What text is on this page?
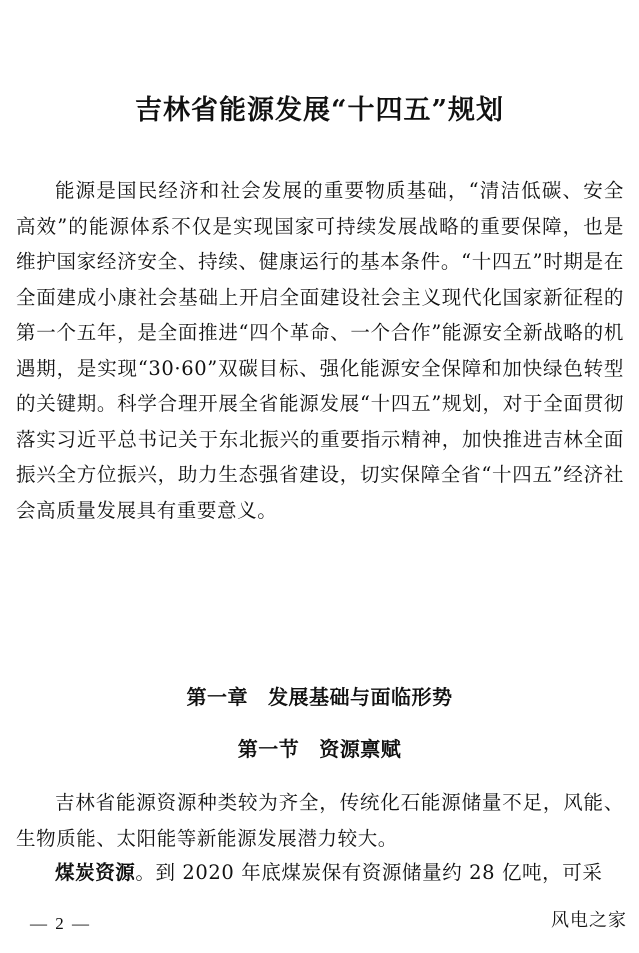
吉林省能源发展“十四五”规划

能源是国民经济和社会发展的重要物质基础，“清洁低碳、安全高效”的能源体系不仅是实现国家可持续发展战略的重要保障，也是维护国家经济安全、持续、健康运行的基本条件。“十四五”时期是在全面建成小康社会基础上开启全面建设社会主义现代化国家新征程的第一个五年，是全面推进“四个革命、一个合作”能源安全新战略的机遇期，是实现“30·60”双碳目标、强化能源安全保障和加快绿色转型的关键期。科学合理开展全省能源发展“十四五”规划，对于全面贯彻落实习近平总书记关于东北振兴的重要指示精神，加快推进吉林全面振兴全方位振兴，助力生态强省建设，切实保障全省“十四五”经济社会高质量发展具有重要意义。

第一章 发展基础与面临形势
第一节 资源禀赋

吉林省能源资源种类较为齐全，传统化石能源储量不足，风能、生物质能、太阳能等新能源发展潜力较大。

煤炭资源。到 2020 年底煤炭保有资源储量约 28 亿吨，可采

— 2 —	风电之家
